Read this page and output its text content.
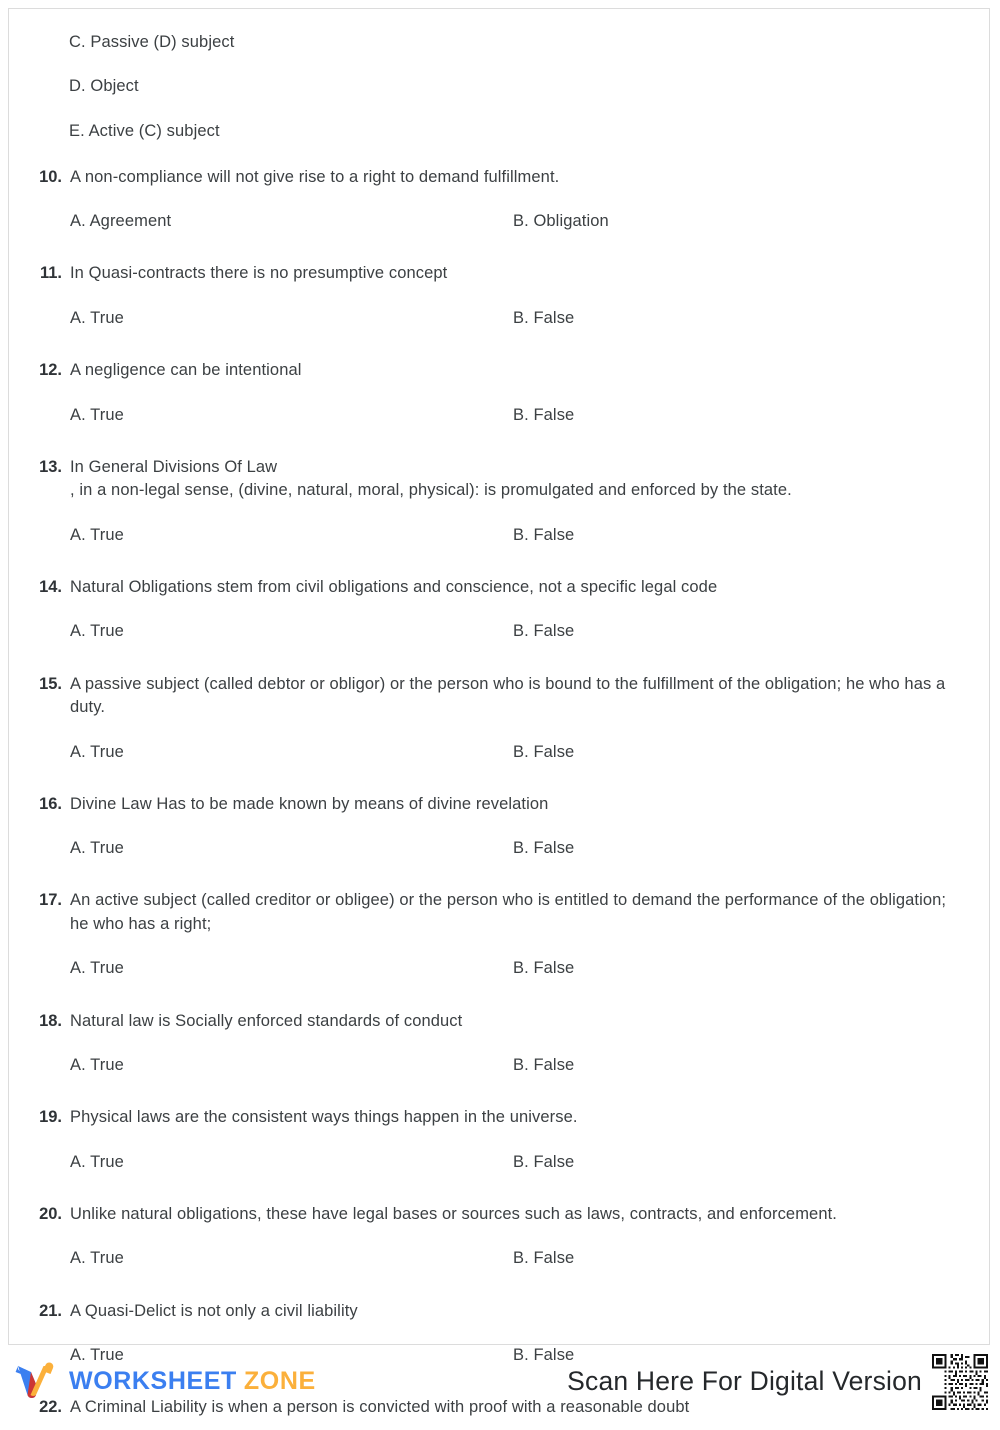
C. Passive (D) subject
D. Object
E. Active (C) subject
10. A non-compliance will not give rise to a right to demand fulfillment.
A. Agreement	B. Obligation
11. In Quasi-contracts there is no presumptive concept
A. True	B. False
12. A negligence can be intentional
A. True	B. False
13. In General Divisions Of Law
, in a non-legal sense, (divine, natural, moral, physical): is promulgated and enforced by the state.
A. True	B. False
14. Natural Obligations stem from civil obligations and conscience, not a specific legal code
A. True	B. False
15. A passive subject (called debtor or obligor) or the person who is bound to the fulfillment of the obligation; he who has a duty.
A. True	B. False
16. Divine Law Has to be made known by means of divine revelation
A. True	B. False
17. An active subject (called creditor or obligee) or the person who is entitled to demand the performance of the obligation; he who has a right;
A. True	B. False
18. Natural law is Socially enforced standards of conduct
A. True	B. False
19. Physical laws are the consistent ways things happen in the universe.
A. True	B. False
20. Unlike natural obligations, these have legal bases or sources such as laws, contracts, and enforcement.
A. True	B. False
21. A Quasi-Delict is not only a civil liability
A. True	B. False
22. A Criminal Liability is when a person is convicted with proof with a reasonable doubt
WORKSHEET ZONE	Scan Here For Digital Version
